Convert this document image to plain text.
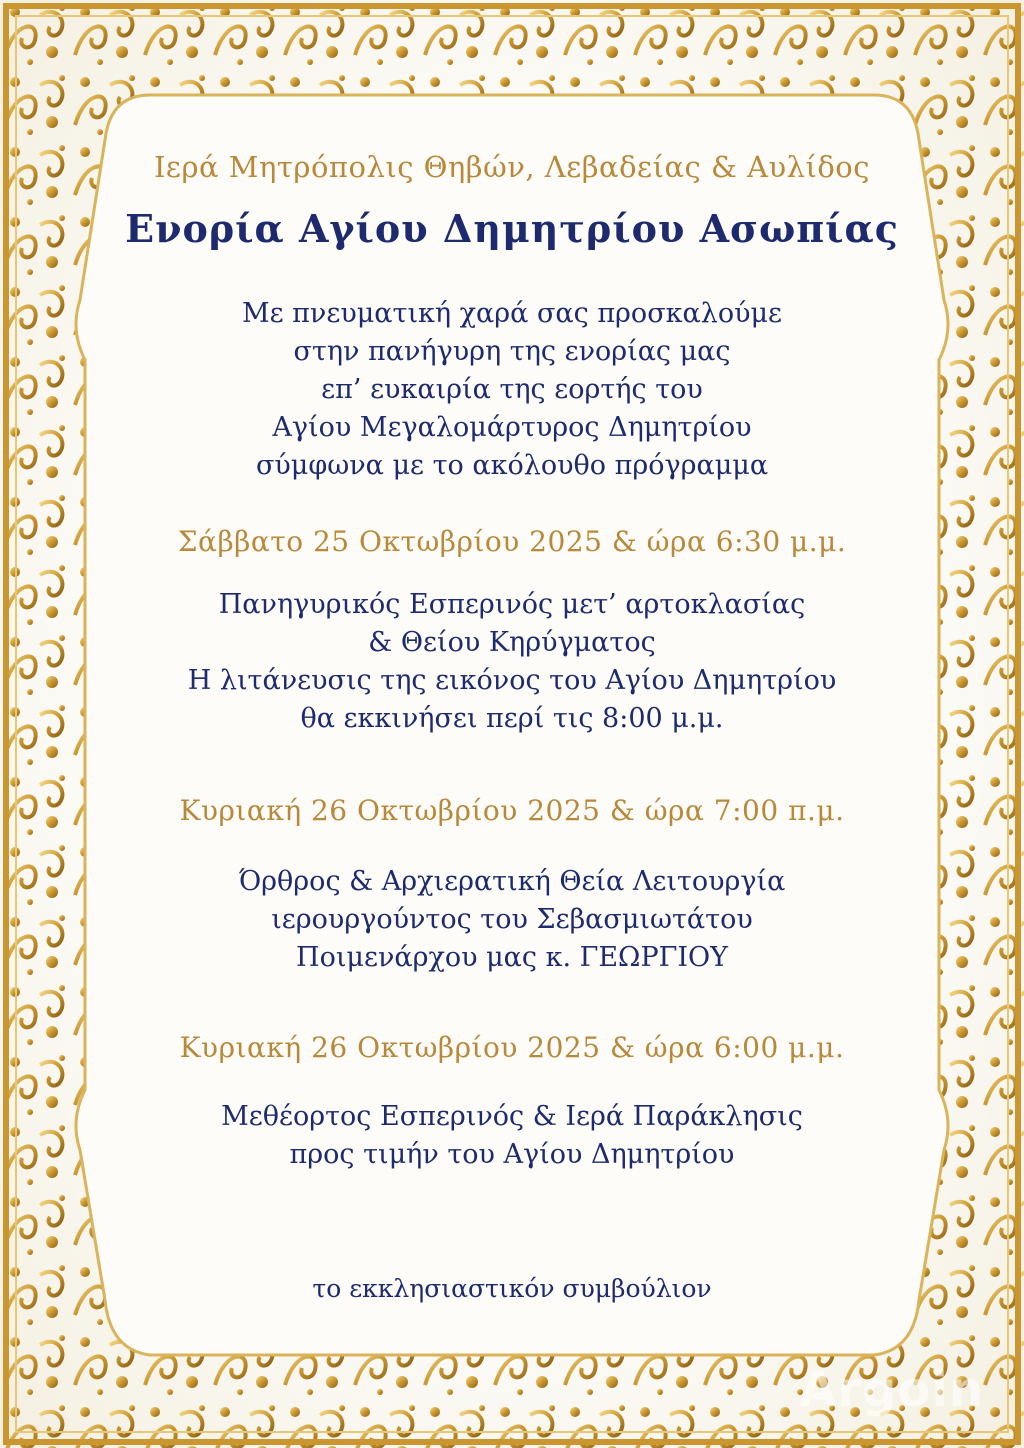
Ιερά Μητρόπολις Θηβών, Λεβαδείας & Αυλίδος
Ενορία Αγίου Δημητρίου Ασωπίας
Με πνευματική χαρά σας προσκαλούμε
στην πανήγυρη της ενορίας μας
επ’ ευκαιρία της εορτής του
Αγίου Μεγαλομάρτυρος Δημητρίου
σύμφωνα με το ακόλουθο πρόγραμμα
Σάββατο 25 Οκτωβρίου 2025 & ώρα 6:30 μ.μ.
Πανηγυρικός Εσπερινός μετ’ αρτοκλασίας
& Θείου Κηρύγματος
Η λιτάνευσις της εικόνος του Αγίου Δημητρίου
θα εκκινήσει περί τις 8:00 μ.μ.
Κυριακή 26 Οκτωβρίου 2025 & ώρα 7:00 π.μ.
Όρθρος & Αρχιερατική Θεία Λειτουργία
ιερουργούντος του Σεβασμιωτάτου
Ποιμενάρχου μας κ. ΓΕΩΡΓΙΟΥ
Κυριακή 26 Οκτωβρίου 2025 & ώρα 6:00 μ.μ.
Μεθέορτος Εσπερινός & Ιερά Παράκλησις
προς τιμήν του Αγίου Δημητρίου
το εκκλησιαστικόν συμβούλιον
Argoin
